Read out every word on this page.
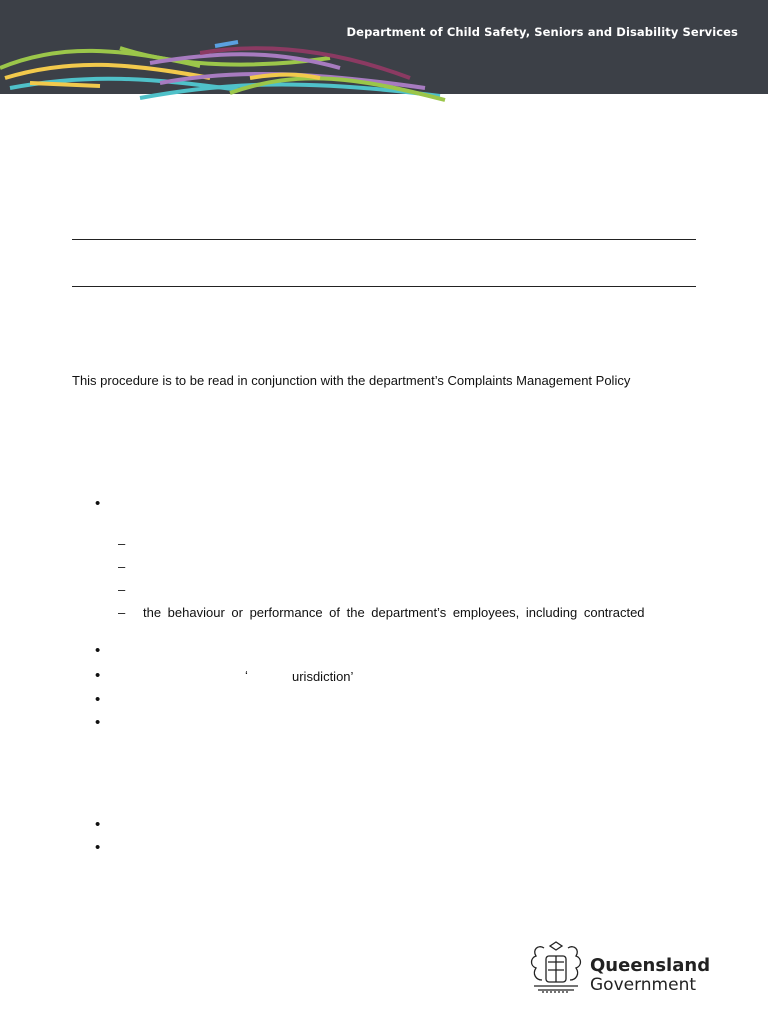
Department of Child Safety, Seniors and Disability Services
This procedure is to be read in conjunction with the department’s Complaints Management Policy
•
–
–
–
– the behaviour or performance of the department’s employees, including contracted
•
•	‘	urisdiction’
•
•
•
•
Queensland
Government
